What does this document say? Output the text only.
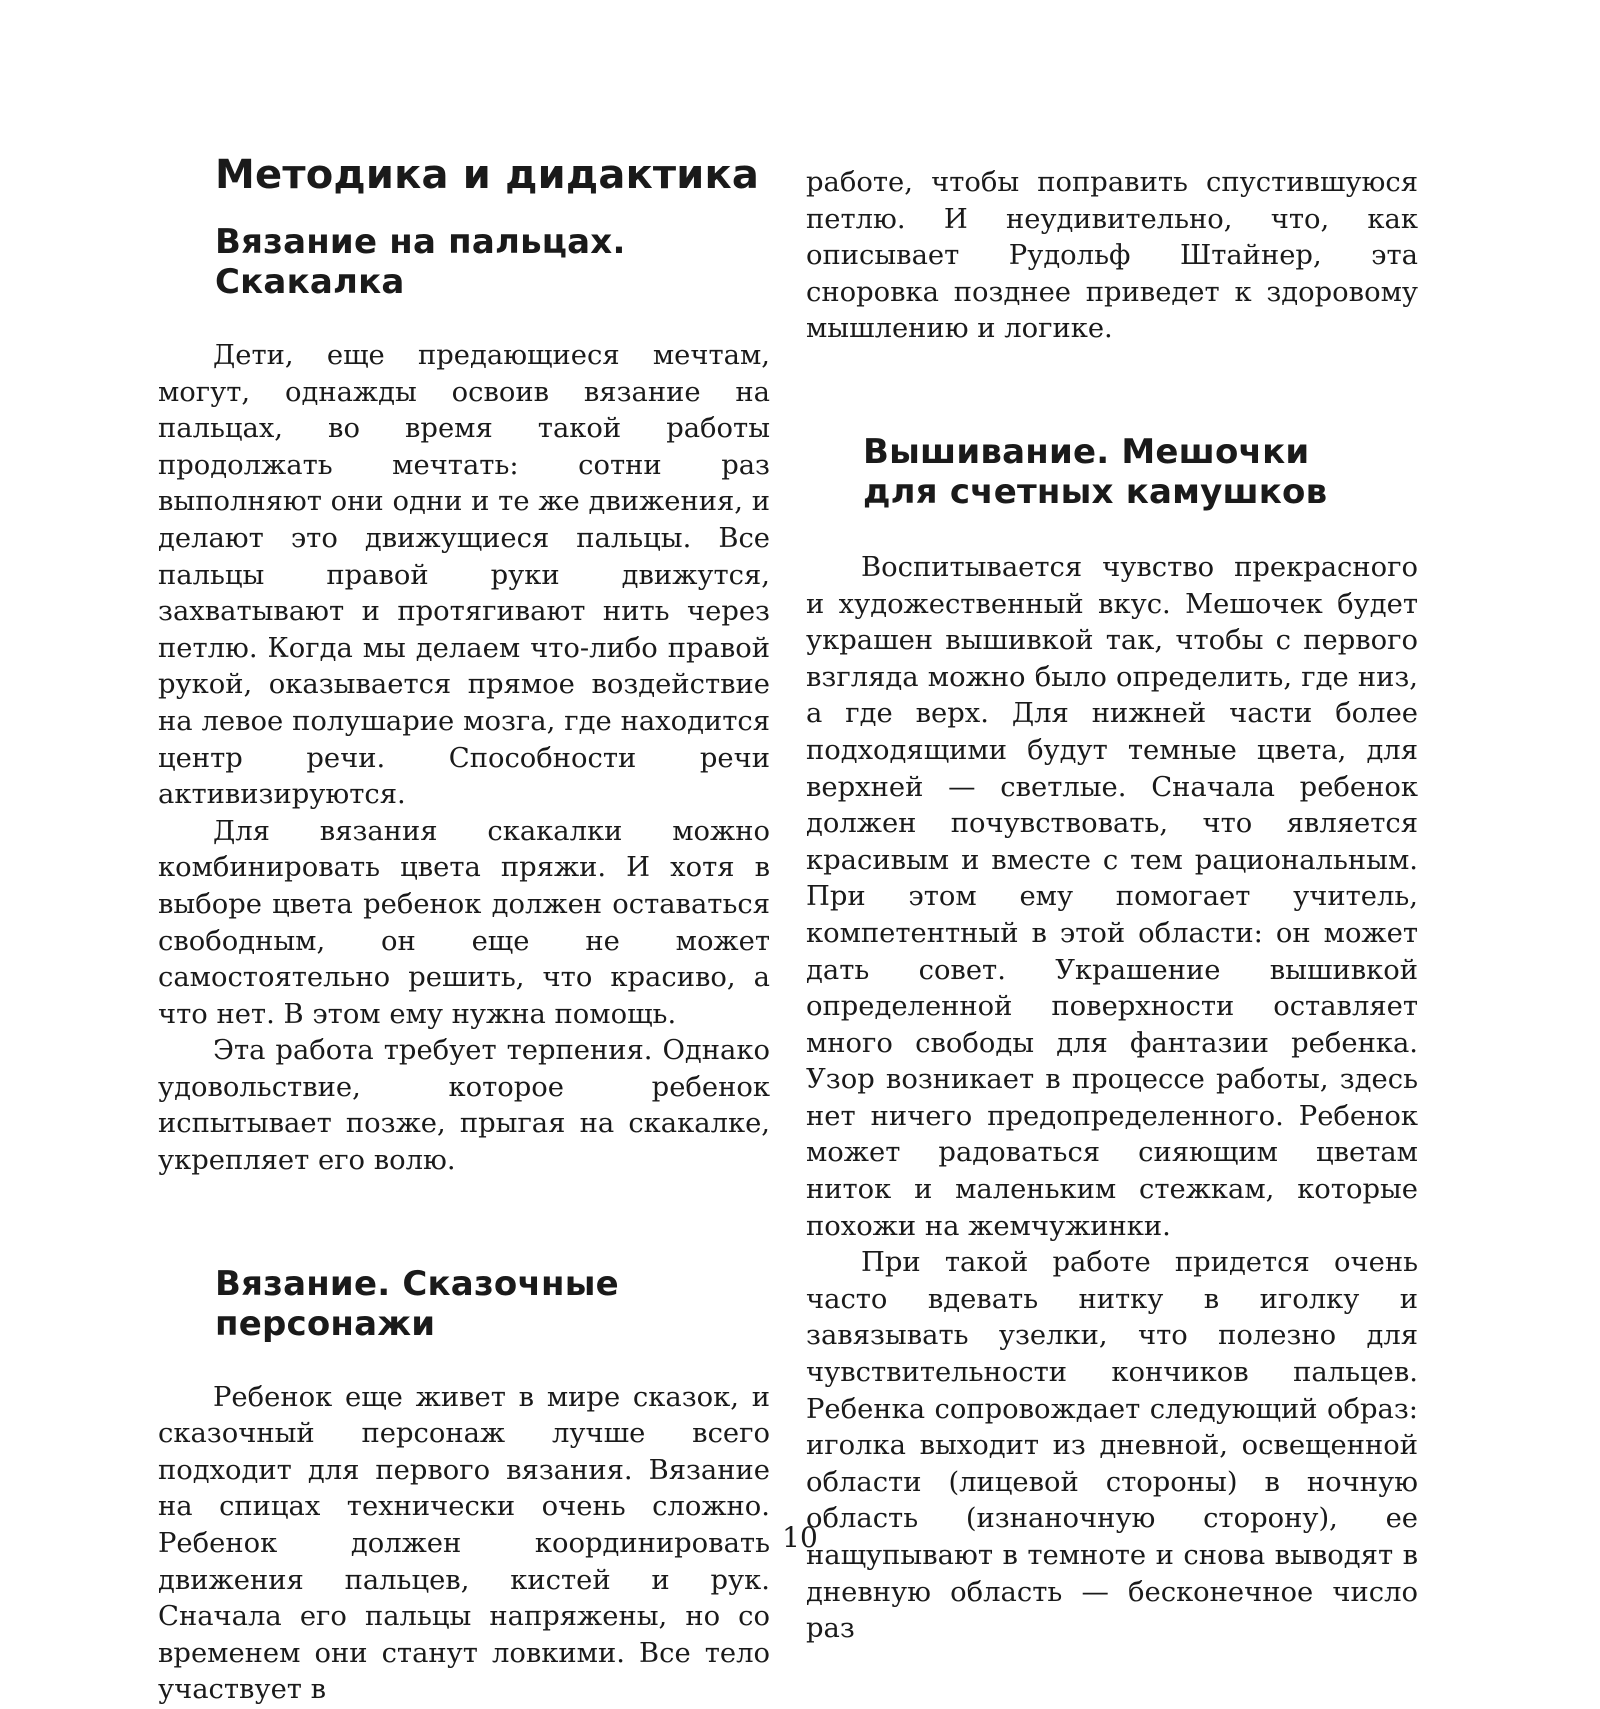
Методика и дидактика
Вязание на пальцах. Скакалка

Дети, еще предающиеся мечтам, могут, однажды освоив вязание на пальцах, во время такой работы продолжать мечтать: сотни раз выполняют они одни и те же движения, и делают это движущиеся пальцы. Все пальцы правой руки движутся, захватывают и протягивают нить через петлю. Когда мы делаем что-либо правой рукой, оказывается прямое воздействие на левое полушарие мозга, где находится центр речи. Способности речи активизируются.

Для вязания скакалки можно комбинировать цвета пряжи. И хотя в выборе цвета ребенок должен оставаться свободным, он еще не может самостоятельно решить, что красиво, а что нет. В этом ему нужна помощь.

Эта работа требует терпения. Однако удовольствие, которое ребенок испытывает позже, прыгая на скакалке, укрепляет его волю.

Вязание. Сказочные персонажи

Ребенок еще живет в мире сказок, и сказочный персонаж лучше всего подходит для первого вязания. Вязание на спицах технически очень сложно. Ребенок должен координировать движения пальцев, кистей и рук. Сначала его пальцы напряжены, но со временем они станут ловкими. Все тело участвует в

работе, чтобы поправить спустившуюся петлю. И неудивительно, что, как описывает Рудольф Штайнер, эта сноровка позднее приведет к здоровому мышлению и логике.

Вышивание. Мешочки для счетных камушков

Воспитывается чувство прекрасного и художественный вкус. Мешочек будет украшен вышивкой так, чтобы с первого взгляда можно было определить, где низ, а где верх. Для нижней части более подходящими будут темные цвета, для верхней — светлые. Сначала ребенок должен почувствовать, что является красивым и вместе с тем рациональным. При этом ему помогает учитель, компетентный в этой области: он может дать совет. Украшение вышивкой определенной поверхности оставляет много свободы для фантазии ребенка. Узор возникает в процессе работы, здесь нет ничего предопределенного. Ребенок может радоваться сияющим цветам ниток и маленьким стежкам, которые похожи на жемчужинки.

При такой работе придется очень часто вдевать нитку в иголку и завязывать узелки, что полезно для чувствительности кончиков пальцев. Ребенка сопровождает следующий образ: иголка выходит из дневной, освещенной области (лицевой стороны) в ночную область (изнаночную сторону), ее нащупывают в темноте и снова выводят в дневную область — бесконечное число раз

10
